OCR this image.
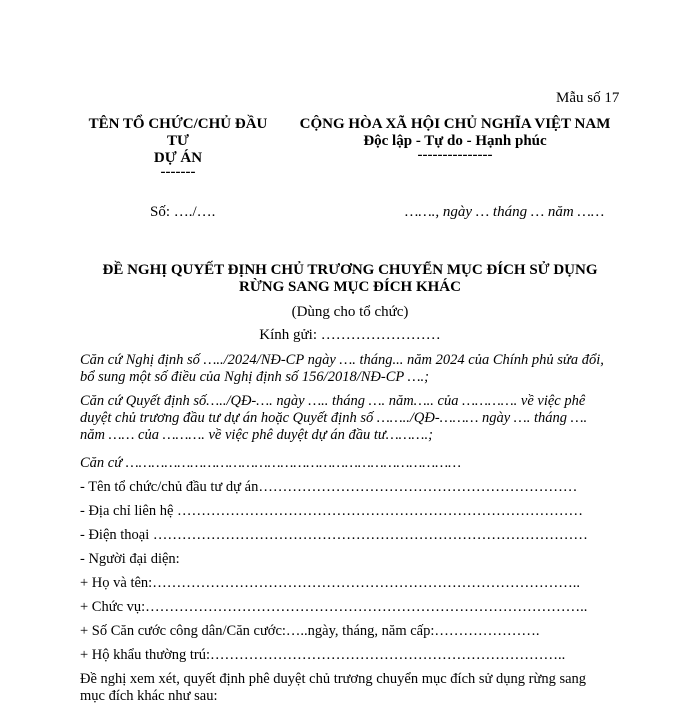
Mẫu số 17
TÊN TỔ CHỨC/CHỦ ĐẦU
TƯ
DỰ ÁN
-------
CỘNG HÒA XÃ HỘI CHỦ NGHĨA VIỆT NAM
Độc lập - Tự do - Hạnh phúc
---------------
Số: …./….	……., ngày … tháng … năm ……
ĐỀ NGHỊ QUYẾT ĐỊNH CHỦ TRƯƠNG CHUYỂN MỤC ĐÍCH SỬ DỤNG
RỪNG SANG MỤC ĐÍCH KHÁC
(Dùng cho tổ chức)
Kính gửi: ……………………
Căn cứ Nghị định số …../2024/NĐ-CP ngày …. tháng... năm 2024 của Chính phủ sửa đổi,
bổ sung một số điều của Nghị định số 156/2018/NĐ-CP ….;
Căn cứ Quyết định số…../QĐ-…. ngày ….. tháng …. năm….. của …………. về việc phê
duyệt chủ trương đầu tư dự án hoặc Quyết định số ……../QĐ-……… ngày …. tháng ….
năm …… của ………. về việc phê duyệt dự án đầu tư……….;
Căn cứ ……………………………………………………………………
- Tên tổ chức/chủ đầu tư dự án…………………………………………………………
- Địa chỉ liên hệ …………………………………………………………………………
- Điện thoại ………………………………………………………………………………
- Người đại diện:
+ Họ và tên:……………………………………………………………………………..
+ Chức vụ:………………………………………………………………………………..
+ Số Căn cước công dân/Căn cước:…..ngày, tháng, năm cấp:………………….
+ Hộ khẩu thường trú:………………………………………………………………..
Đề nghị xem xét, quyết định phê duyệt chủ trương chuyển mục đích sử dụng rừng sang
mục đích khác như sau:
